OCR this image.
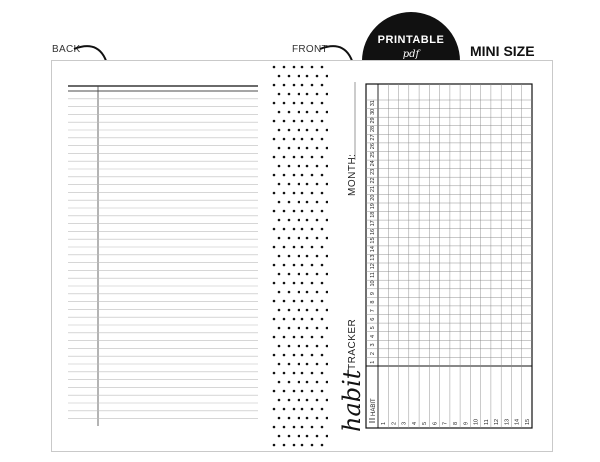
BACK	FRONT
PRINTABLE
pdf	MINI SIZE
habit
TRACKER
MONTH:
31
30
29
28
27
26
25
24
23
22
21
20
19
18
17
16
15
14
13
12
11
10
9
8
7
6
5
4
3
2
1
1 2 3 4 5 6 7 8 9 10 11 12 13 14 15
HABIT
